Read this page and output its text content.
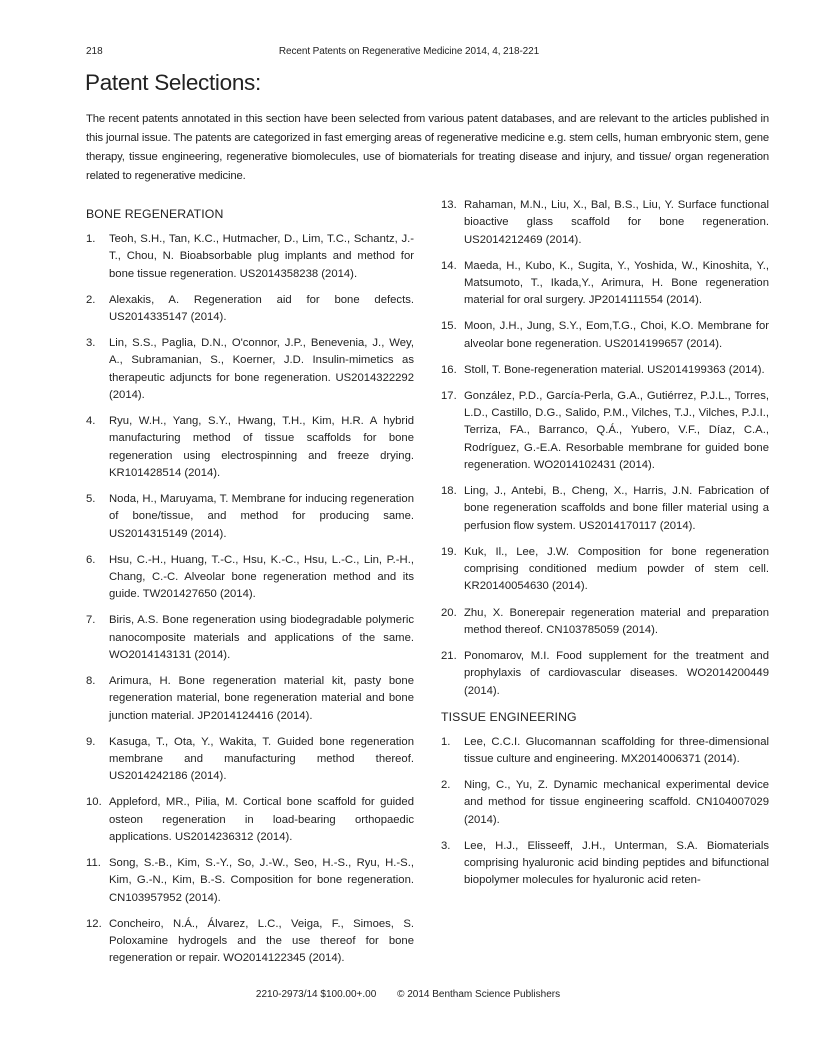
218	Recent Patents on Regenerative Medicine 2014, 4, 218-221
Patent Selections:

The recent patents annotated in this section have been selected from various patent databases, and are relevant to the articles published in this journal issue. The patents are categorized in fast emerging areas of regenerative medicine e.g. stem cells, human embryonic stem, gene therapy, tissue engineering, regenerative biomolecules, use of biomaterials for treating disease and injury, and tissue/ organ regeneration related to regenerative medicine.

BONE REGENERATION
1.	Teoh, S.H., Tan, K.C., Hutmacher, D., Lim, T.C., Schantz, J.-T., Chou, N. Bioabsorbable plug implants and method for bone tissue regeneration. US2014358238 (2014).
2.	Alexakis, A. Regeneration aid for bone defects. US2014335147 (2014).
3.	Lin, S.S., Paglia, D.N., O'connor, J.P., Benevenia, J., Wey, A., Subramanian, S., Koerner, J.D. Insulin-mimetics as therapeutic adjuncts for bone regeneration. US2014322292 (2014).
4.	Ryu, W.H., Yang, S.Y., Hwang, T.H., Kim, H.R. A hybrid manufacturing method of tissue scaffolds for bone regeneration using electrospinning and freeze drying. KR101428514 (2014).
5.	Noda, H., Maruyama, T. Membrane for inducing regeneration of bone/tissue, and method for producing same. US2014315149 (2014).
6.	Hsu, C.-H., Huang, T.-C., Hsu, K.-C., Hsu, L.-C., Lin, P.-H., Chang, C.-C. Alveolar bone regeneration method and its guide. TW201427650 (2014).
7.	Biris, A.S. Bone regeneration using biodegradable polymeric nanocomposite materials and applications of the same. WO2014143131 (2014).
8.	Arimura, H. Bone regeneration material kit, pasty bone regeneration material, bone regeneration material and bone junction material. JP2014124416 (2014).
9.	Kasuga, T., Ota, Y., Wakita, T. Guided bone regeneration membrane and manufacturing method thereof. US2014242186 (2014).
10. Appleford, MR., Pilia, M. Cortical bone scaffold for guided osteon regeneration in load-bearing orthopaedic applications. US2014236312 (2014).
11. Song, S.-B., Kim, S.-Y., So, J.-W., Seo, H.-S., Ryu, H.-S., Kim, G.-N., Kim, B.-S. Composition for bone regeneration. CN103957952 (2014).
12. Concheiro, N.Á., Álvarez, L.C., Veiga, F., Simoes, S. Poloxamine hydrogels and the use thereof for bone regeneration or repair. WO2014122345 (2014).
13. Rahaman, M.N., Liu, X., Bal, B.S., Liu, Y. Surface functional bioactive glass scaffold for bone regeneration. US2014212469 (2014).
14. Maeda, H., Kubo, K., Sugita, Y., Yoshida, W., Kinoshita, Y., Matsumoto, T., Ikada,Y., Arimura, H. Bone regeneration material for oral surgery. JP2014111554 (2014).
15. Moon, J.H., Jung, S.Y., Eom,T.G., Choi, K.O. Membrane for alveolar bone regeneration. US2014199657 (2014).
16. Stoll, T. Bone-regeneration material. US2014199363 (2014).
17. González, P.D., García-Perla, G.A., Gutiérrez, P.J.L., Torres, L.D., Castillo, D.G., Salido, P.M., Vilches, T.J., Vilches, P.J.I., Terriza, FA., Barranco, Q.Á., Yubero, V.F., Díaz, C.A., Rodríguez, G.-E.A. Resorbable membrane for guided bone regeneration. WO2014102431 (2014).
18. Ling, J., Antebi, B., Cheng, X., Harris, J.N. Fabrication of bone regeneration scaffolds and bone filler material using a perfusion flow system. US2014170117 (2014).
19. Kuk, Il., Lee, J.W. Composition for bone regeneration comprising conditioned medium powder of stem cell. KR20140054630 (2014).
20. Zhu, X. Bonerepair regeneration material and preparation method thereof. CN103785059 (2014).
21. Ponomarov, M.I. Food supplement for the treatment and prophylaxis of cardiovascular diseases. WO2014200449 (2014).
TISSUE ENGINEERING
1.	Lee, C.C.I. Glucomannan scaffolding for three-dimensional tissue culture and engineering. MX2014006371 (2014).
2.	Ning, C., Yu, Z. Dynamic mechanical experimental device and method for tissue engineering scaffold. CN104007029 (2014).
3.	Lee, H.J., Elisseeff, J.H., Unterman, S.A. Biomaterials comprising hyaluronic acid binding peptides and bifunctional biopolymer molecules for hyaluronic acid reten-
2210-2973/14 $100.00+.00 © 2014 Bentham Science Publishers
